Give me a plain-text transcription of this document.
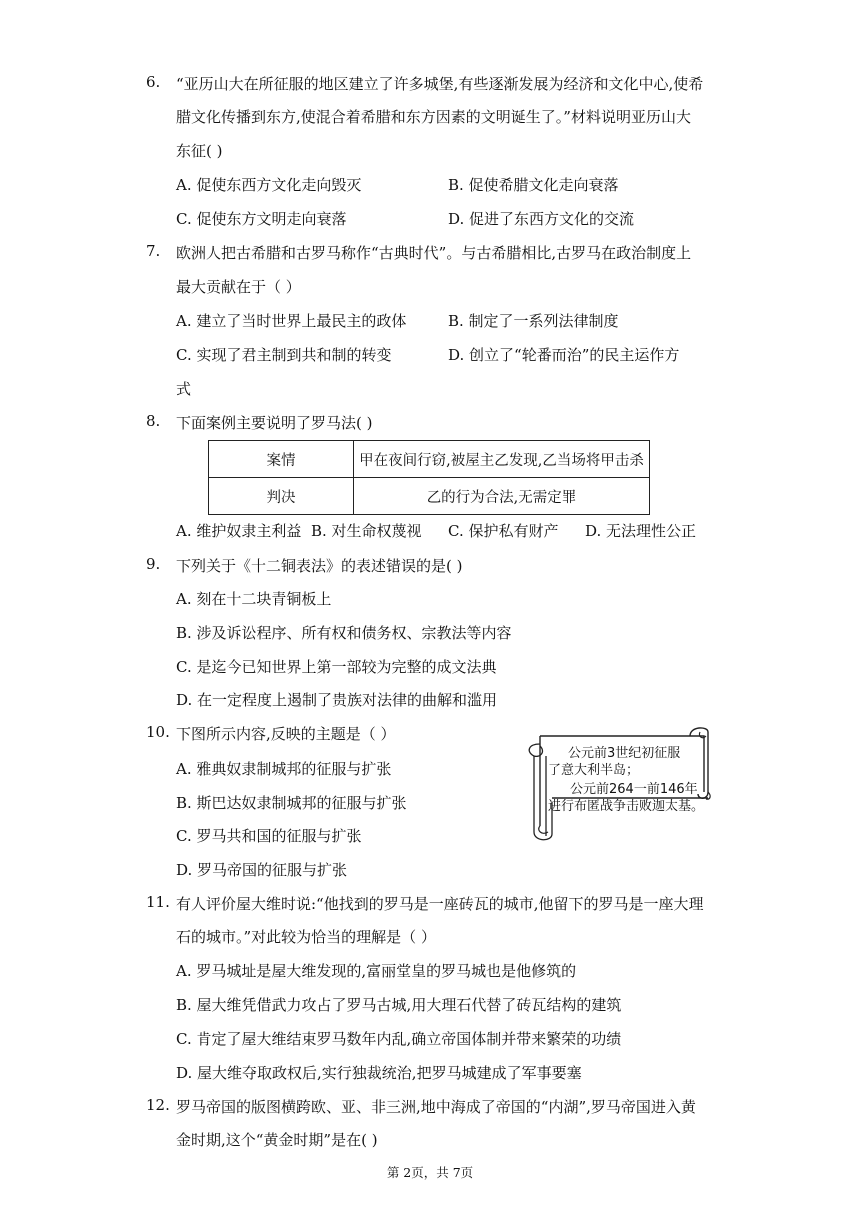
6. “亚历山大在所征服的地区建立了许多城堡,有些逐渐发展为经济和文化中心,使希
腊文化传播到东方,使混合着希腊和东方因素的文明诞生了。”材料说明亚历山大
东征( )
A. 促使东西方文化走向毁灭	B. 促使希腊文化走向衰落
C. 促使东方文明走向衰落	D. 促进了东西方文化的交流
7. 欧洲人把古希腊和古罗马称作“古典时代”。与古希腊相比,古罗马在政治制度上
最大贡献在于（ ）
A. 建立了当时世界上最民主的政体	B. 制定了一系列法律制度
C. 实现了君主制到共和制的转变	D. 创立了“轮番而治”的民主运作方
式
8. 下面案例主要说明了罗马法( )
案情	甲在夜间行窃,被屋主乙发现,乙当场将甲击杀
判决	乙的行为合法,无需定罪
A. 维护奴隶主利益 B. 对生命权蔑视 C. 保护私有财产 D. 无法理性公正
9. 下列关于《十二铜表法》的表述错误的是( )
A. 刻在十二块青铜板上
B. 涉及诉讼程序、所有权和债务权、宗教法等内容
C. 是迄今已知世界上第一部较为完整的成文法典
D. 在一定程度上遏制了贵族对法律的曲解和滥用
10. 下图所示内容,反映的主题是（ ）
A. 雅典奴隶制城邦的征服与扩张
B. 斯巴达奴隶制城邦的征服与扩张
C. 罗马共和国的征服与扩张
D. 罗马帝国的征服与扩张
公元前3世纪初征服
了意大利半岛；
公元前264一前146年
进行布匿战争击败迦太基。
11. 有人评价屋大维时说:“他找到的罗马是一座砖瓦的城市,他留下的罗马是一座大理
石的城市。”对此较为恰当的理解是（ ）
A. 罗马城址是屋大维发现的,富丽堂皇的罗马城也是他修筑的
B. 屋大维凭借武力攻占了罗马古城,用大理石代替了砖瓦结构的建筑
C. 肯定了屋大维结束罗马数年内乱,确立帝国体制并带来繁荣的功绩
D. 屋大维夺取政权后,实行独裁统治,把罗马城建成了军事要塞
12. 罗马帝国的版图横跨欧、亚、非三洲,地中海成了帝国的“内湖”,罗马帝国进入黄
金时期,这个“黄金时期”是在( )
第 2页，共 7页
